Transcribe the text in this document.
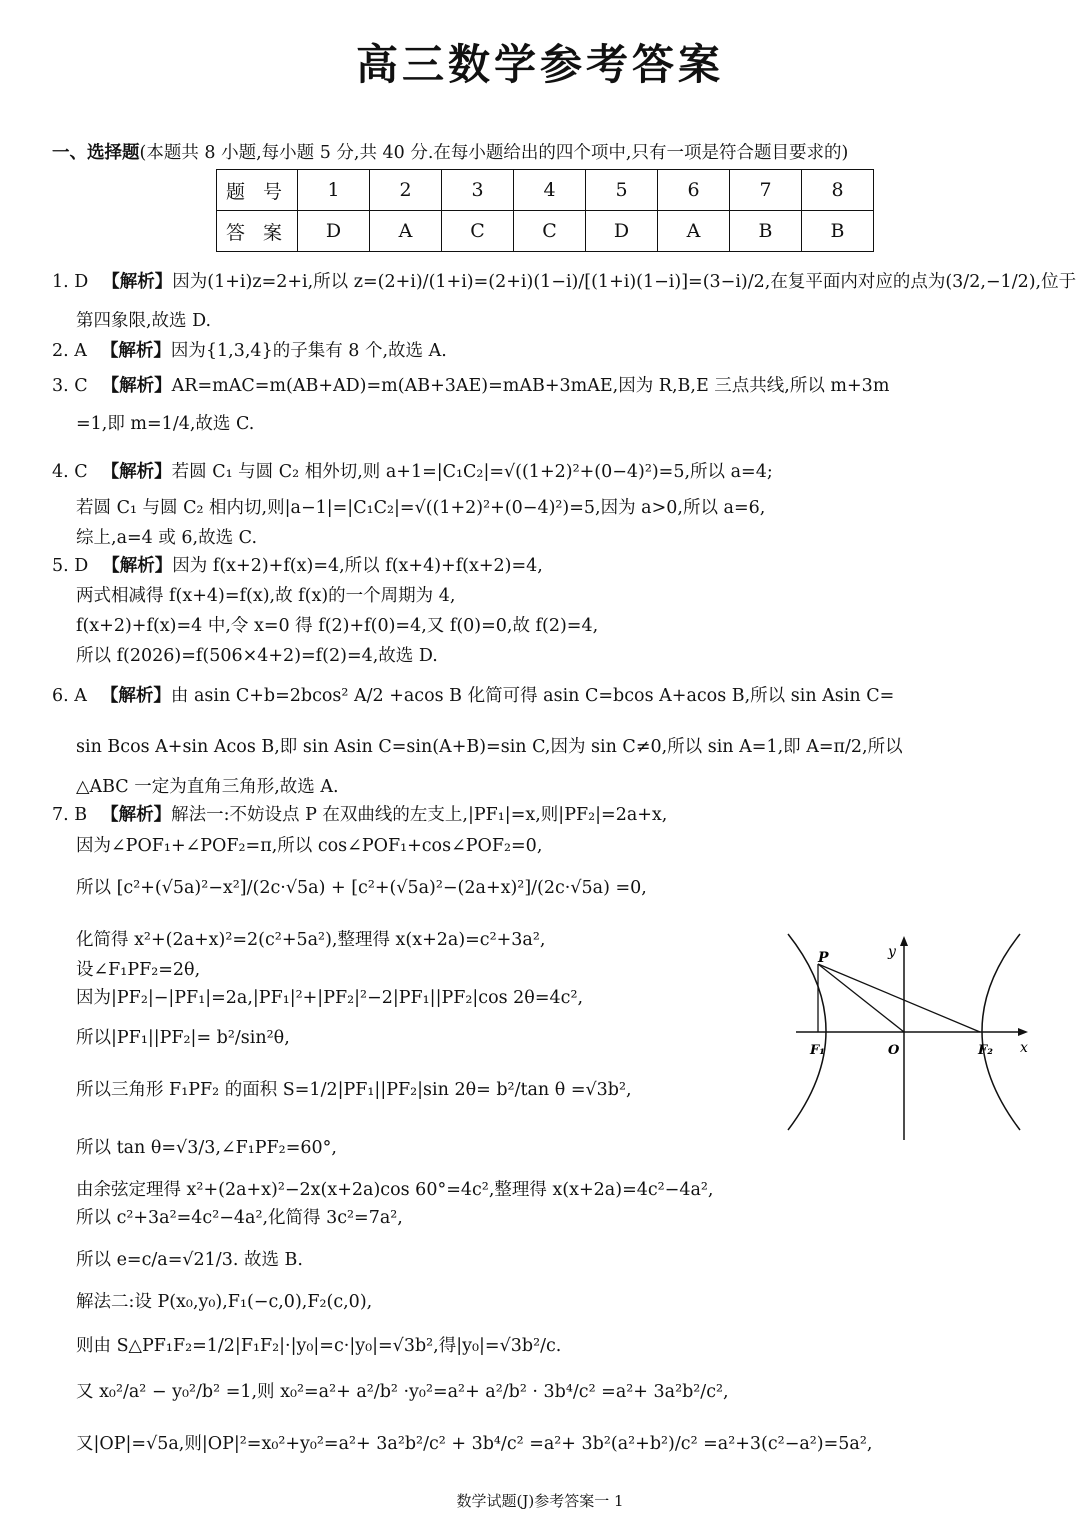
高三数学参考答案
一、选择题(本题共 8 小题,每小题 5 分,共 40 分.在每小题给出的四个项中,只有一项是符合题目要求的)
题 号	1	2	3	4	5	6	7	8
答 案	D	A	C	C	D	A	B	B
1. D 【解析】因为(1+i)z=2+i,所以 z=(2+i)/(1+i)=(2+i)(1−i)/[(1+i)(1−i)]=(3−i)/2,在复平面内对应的点为(3/2,−1/2),位于
第四象限,故选 D.
2. A 【解析】因为{1,3,4}的子集有 8 个,故选 A.
3. C 【解析】AR=mAC=m(AB+AD)=m(AB+3AE)=mAB+3mAE,因为 R,B,E 三点共线,所以 m+3m
=1,即 m=1/4,故选 C.
4. C 【解析】若圆 C₁ 与圆 C₂ 相外切,则 a+1=|C₁C₂|=√((1+2)²+(0−4)²)=5,所以 a=4;
若圆 C₁ 与圆 C₂ 相内切,则|a−1|=|C₁C₂|=√((1+2)²+(0−4)²)=5,因为 a>0,所以 a=6,
综上,a=4 或 6,故选 C.
5. D 【解析】因为 f(x+2)+f(x)=4,所以 f(x+4)+f(x+2)=4,
两式相减得 f(x+4)=f(x),故 f(x)的一个周期为 4,
f(x+2)+f(x)=4 中,令 x=0 得 f(2)+f(0)=4,又 f(0)=0,故 f(2)=4,
所以 f(2026)=f(506×4+2)=f(2)=4,故选 D.
6. A 【解析】由 asin C+b=2bcos² A/2 +acos B 化简可得 asin C=bcos A+acos B,所以 sin Asin C=
sin Bcos A+sin Acos B,即 sin Asin C=sin(A+B)=sin C,因为 sin C≠0,所以 sin A=1,即 A=π/2,所以
△ABC 一定为直角三角形,故选 A.
7. B 【解析】解法一:不妨设点 P 在双曲线的左支上,|PF₁|=x,则|PF₂|=2a+x,
因为∠POF₁+∠POF₂=π,所以 cos∠POF₁+cos∠POF₂=0,
所以 [c²+(√5a)²−x²]/(2c·√5a) + [c²+(√5a)²−(2a+x)²]/(2c·√5a) =0,
化简得 x²+(2a+x)²=2(c²+5a²),整理得 x(x+2a)=c²+3a²,
设∠F₁PF₂=2θ,
因为|PF₂|−|PF₁|=2a,|PF₁|²+|PF₂|²−2|PF₁||PF₂|cos 2θ=4c²,
所以|PF₁||PF₂|= b²/sin²θ,
所以三角形 F₁PF₂ 的面积 S=1/2|PF₁||PF₂|sin 2θ= b²/tan θ =√3b²,
所以 tan θ=√3/3,∠F₁PF₂=60°,
由余弦定理得 x²+(2a+x)²−2x(x+2a)cos 60°=4c²,整理得 x(x+2a)=4c²−4a²,
所以 c²+3a²=4c²−4a²,化简得 3c²=7a²,
所以 e=c/a=√21/3. 故选 B.
解法二:设 P(x₀,y₀),F₁(−c,0),F₂(c,0),
则由 S△PF₁F₂=1/2|F₁F₂|·|y₀|=c·|y₀|=√3b²,得|y₀|=√3b²/c.
又 x₀²/a² − y₀²/b² =1,则 x₀²=a²+ a²/b² ·y₀²=a²+ a²/b² · 3b⁴/c² =a²+ 3a²b²/c²,
又|OP|=√5a,则|OP|²=x₀²+y₀²=a²+ 3a²b²/c² + 3b⁴/c² =a²+ 3b²(a²+b²)/c² =a²+3(c²−a²)=5a²,
P	y
x
F₁	O	F₂
数学试题(J)参考答案一 1
